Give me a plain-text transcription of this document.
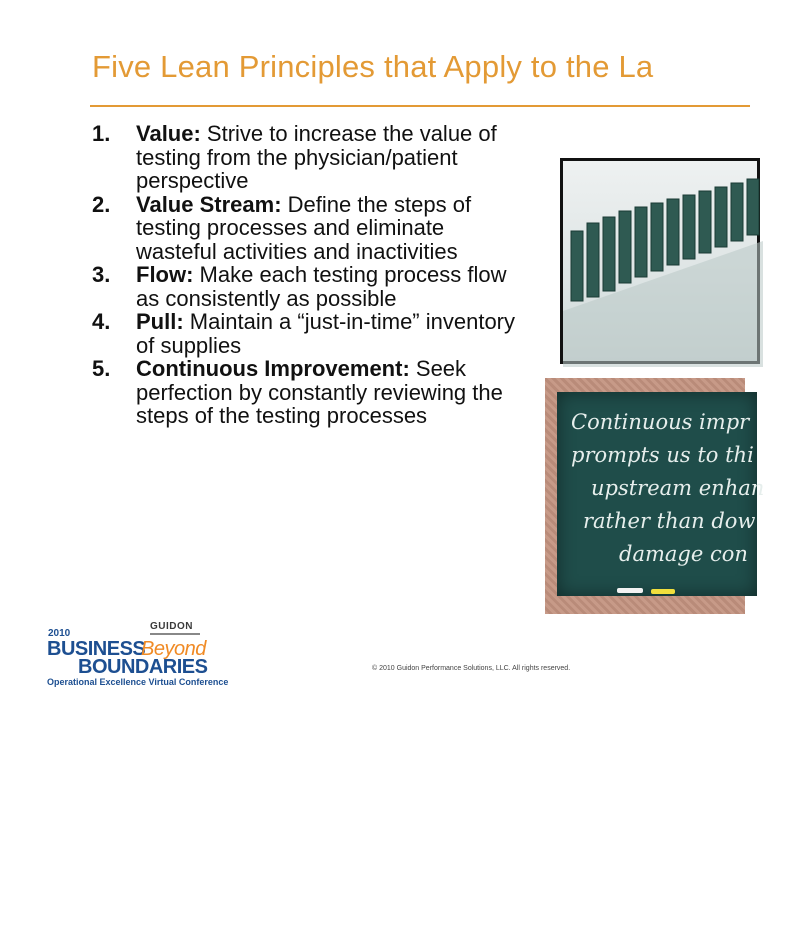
Five Lean Principles that Apply to the La
1. Value: Strive to increase the value of testing from the physician/patient perspective
2. Value Stream: Define the steps of testing processes and eliminate wasteful activities and inactivities
3. Flow: Make each testing process flow as consistently as possible
4. Pull: Maintain a “just-in-time” inventory of supplies
5. Continuous Improvement: Seek perfection by constantly reviewing the steps of the testing processes	Continuous impr
prompts us to thi
upstream enhan
rather than dow
damage con
GUIDON
2010
BUSINESS
Beyond
BOUNDARIES
Operational Excellence Virtual Conference
© 2010 Guidon Performance Solutions, LLC. All rights reserved.
